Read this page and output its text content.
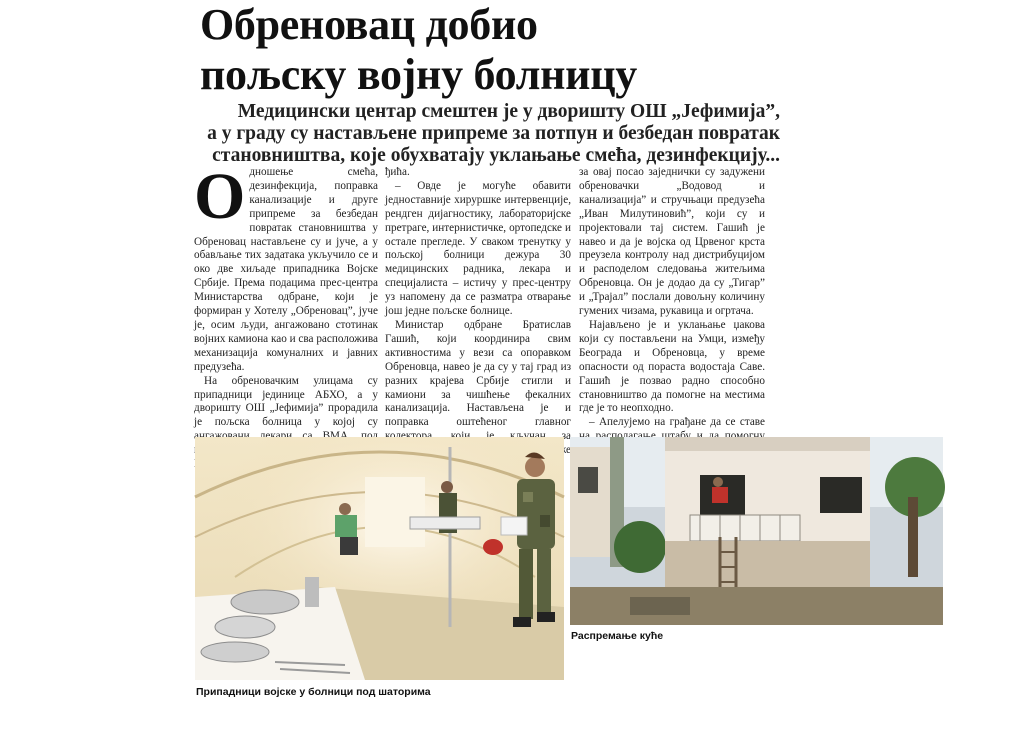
Обреновац добио
пољску војну болницу
Медицински центар смештен је у дворишту ОШ „Јефимија”,
а у граду су настављене припреме за потпун и безбедан повратак
становништва, које обухватају уклањање смећа, дезинфекцију...

Одношење смећа, дезинфекција, поправка канализације и друге припреме за безбедан повратак становништва у Обреновац настављене су и јуче, а у обављање тих задатака укључило се и око две хиљаде припадника Војске Србије. Према подацима прес-центра Министарства одбране, који је формиран у Хотелу „Обреновац”, јуче је, осим људи, ангажовано стотинак војних камиона као и сва расположива механизација комуналних и јавних предузећа.

На обреновачким улицама су припадници јединице АБХО, а у дворишту ОШ „Јефимија” прорадила је пољска болница у којој су

ђића.

– Овде је могуће обавити једноставније хируршке интервенције, рендген дијагностику, лабораторијске претраге, интернистичке, ортопедске и остале прегледе. У сваком тренутку у пољској болници дежура 30 медицинских радника, лекара и специјалиста – истичу у прес-центру уз напомену да се разматра отварање још једне пољске болнице.

Министар одбране Братислав Гашић, који координира свим активностима у вези са опоравком Обреновца, навео је да су у тај град из разних крајева Србије стигли и камиони за чишћење фекалних канализација. Настављена је и поправка оштећеног главног за

за овај посао заједнички су задужени обреновачки „Водовод и канализација” и стручњаци предузећа „Иван Милутиновић”, који су и пројектовали тај систем. Гашић је навео и да је војска од Црвеног крста преузела контролу над дистрибуцијом и расподелом следовања житељима Обреновца. Он је додао да су „Тигар” и „Трајал” послали довољну количину гумених чизама, рукавица и огртача.

Најављено је и уклањање џакова који су постављени на Умци, између Београда и Обреновца, у време опасности од пораста водостаја Саве. Гашић је позвао радно способно становништво да помогне на местима где је то неопходно.

– Апелујемо на грађане да се ставе

Припадници војске у болници под шаторима
Распремање куће
